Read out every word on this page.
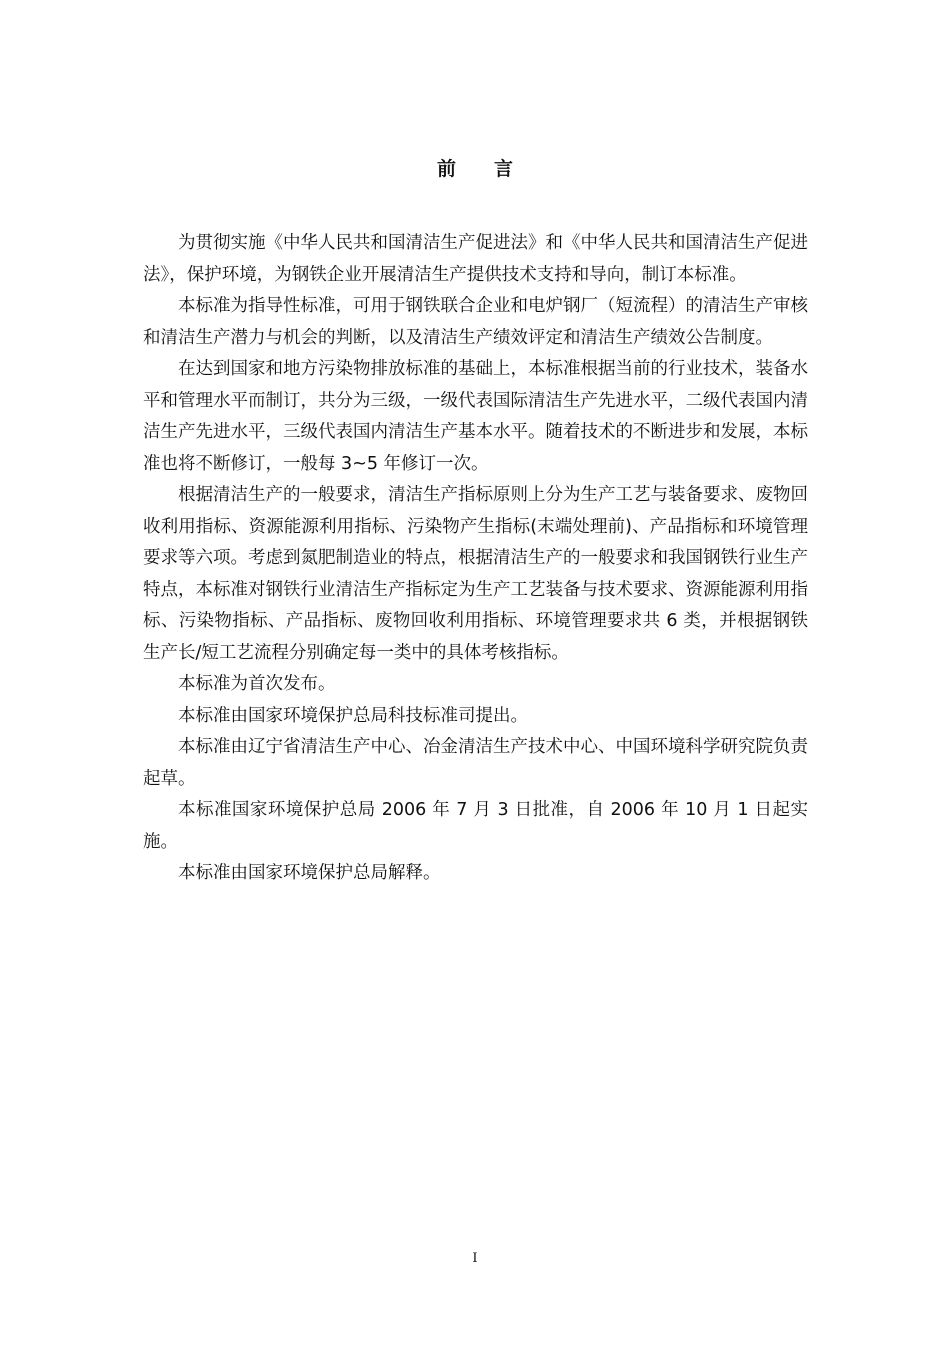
前　　言

为贯彻实施《中华人民共和国清洁生产促进法》和《中华人民共和国清洁生产促进法》，保护环境，为钢铁企业开展清洁生产提供技术支持和导向，制订本标准。

本标准为指导性标准，可用于钢铁联合企业和电炉钢厂（短流程）的清洁生产审核和清洁生产潜力与机会的判断，以及清洁生产绩效评定和清洁生产绩效公告制度。

在达到国家和地方污染物排放标准的基础上，本标准根据当前的行业技术，装备水平和管理水平而制订，共分为三级，一级代表国际清洁生产先进水平，二级代表国内清洁生产先进水平，三级代表国内清洁生产基本水平。随着技术的不断进步和发展，本标准也将不断修订，一般每 3~5 年修订一次。

根据清洁生产的一般要求，清洁生产指标原则上分为生产工艺与装备要求、废物回收利用指标、资源能源利用指标、污染物产生指标(末端处理前)、产品指标和环境管理要求等六项。考虑到氮肥制造业的特点，根据清洁生产的一般要求和我国钢铁行业生产特点，本标准对钢铁行业清洁生产指标定为生产工艺装备与技术要求、资源能源利用指标、污染物指标、产品指标、废物回收利用指标、环境管理要求共 6 类，并根据钢铁生产长/短工艺流程分别确定每一类中的具体考核指标。

本标准为首次发布。

本标准由国家环境保护总局科技标准司提出。

本标准由辽宁省清洁生产中心、冶金清洁生产技术中心、中国环境科学研究院负责起草。

本标准国家环境保护总局 2006 年 7 月 3 日批准，自 2006 年 10 月 1 日起实施。

本标准由国家环境保护总局解释。

I
